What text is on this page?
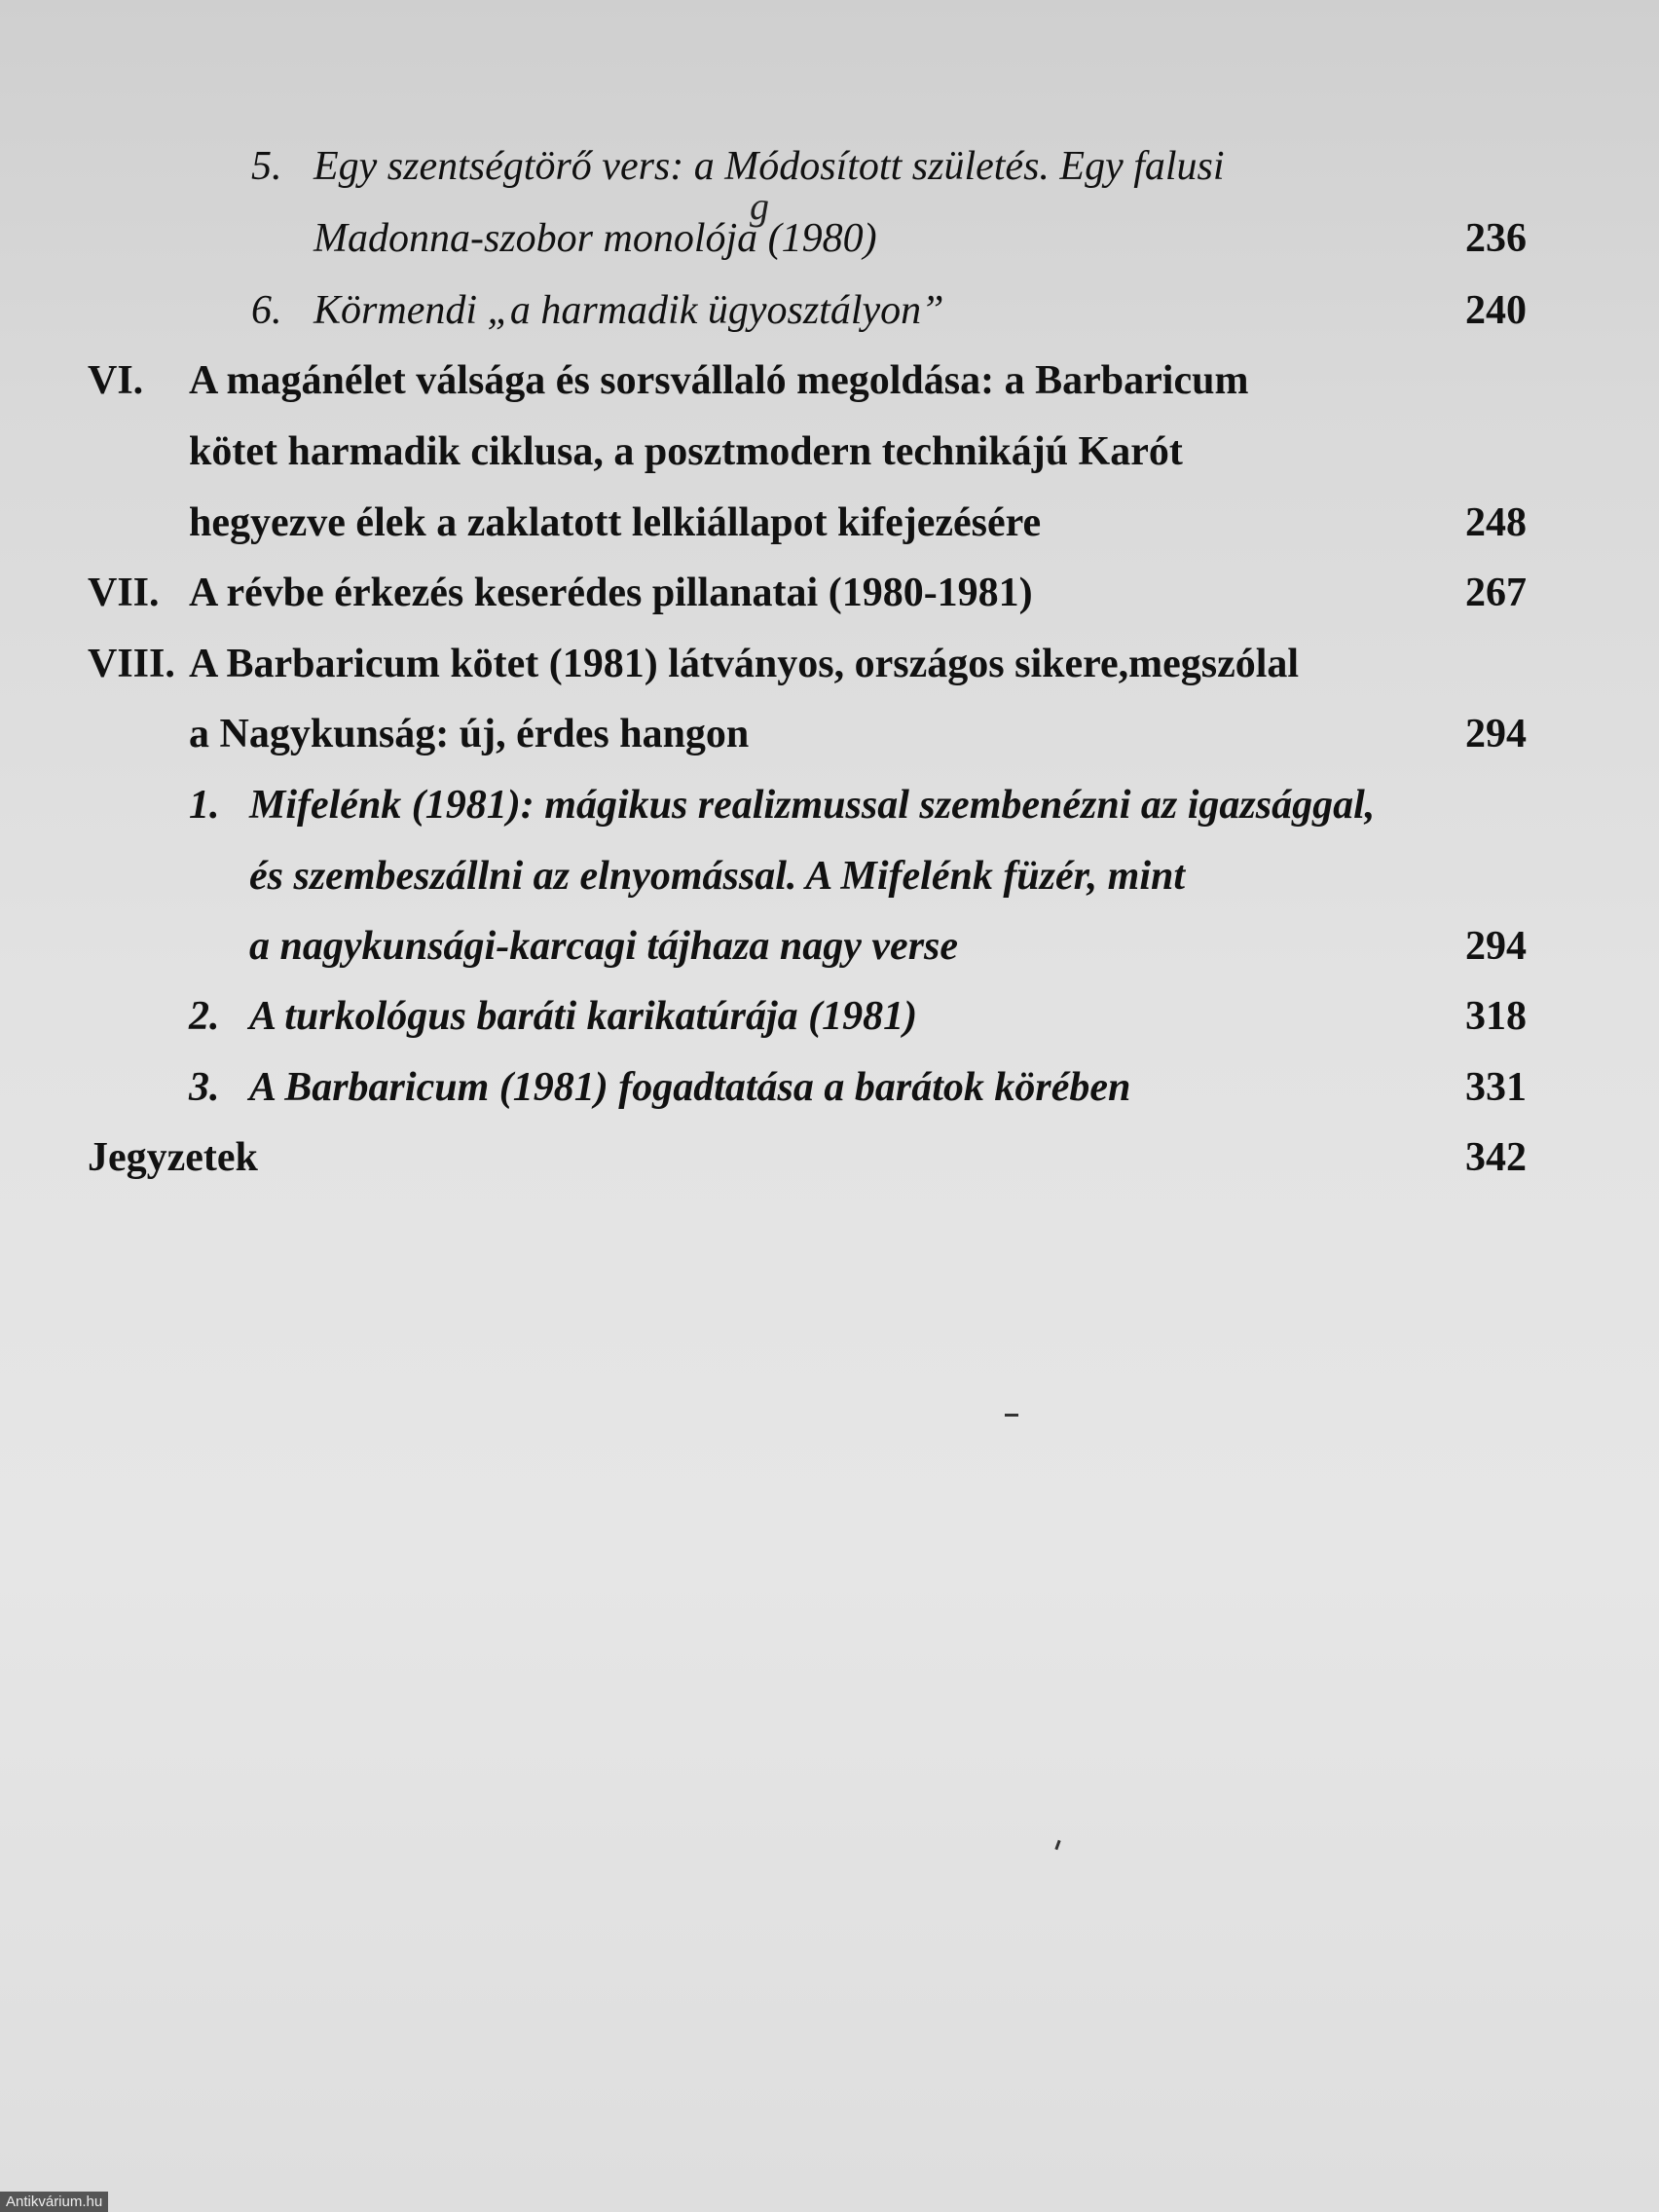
5. Egy szentségtörő vers: a Módosított születés. Egy falusi
g
Madonna-szobor monolója (1980)	236
6. Körmendi „a harmadik ügyosztályon”	240
VI. A magánélet válsága és sorsvállaló megoldása: a Barbaricum
kötet harmadik ciklusa, a posztmodern technikájú Karót
hegyezve élek a zaklatott lelkiállapot kifejezésére	248
VII. A révbe érkezés keserédes pillanatai (1980-1981)	267
VIII. A Barbaricum kötet (1981) látványos, országos sikere,megszólal
a Nagykunság: új, érdes hangon	294
1. Mifelénk (1981): mágikus realizmussal szembenézni az igazsággal,
és szembeszállni az elnyomással. A Mifelénk füzér, mint
a nagykunsági-karcagi tájhaza nagy verse	294
2. A turkológus baráti karikatúrája (1981)	318
3. A Barbaricum (1981) fogadtatása a barátok körében	331
Jegyzetek	342
Antikvárium.hu
